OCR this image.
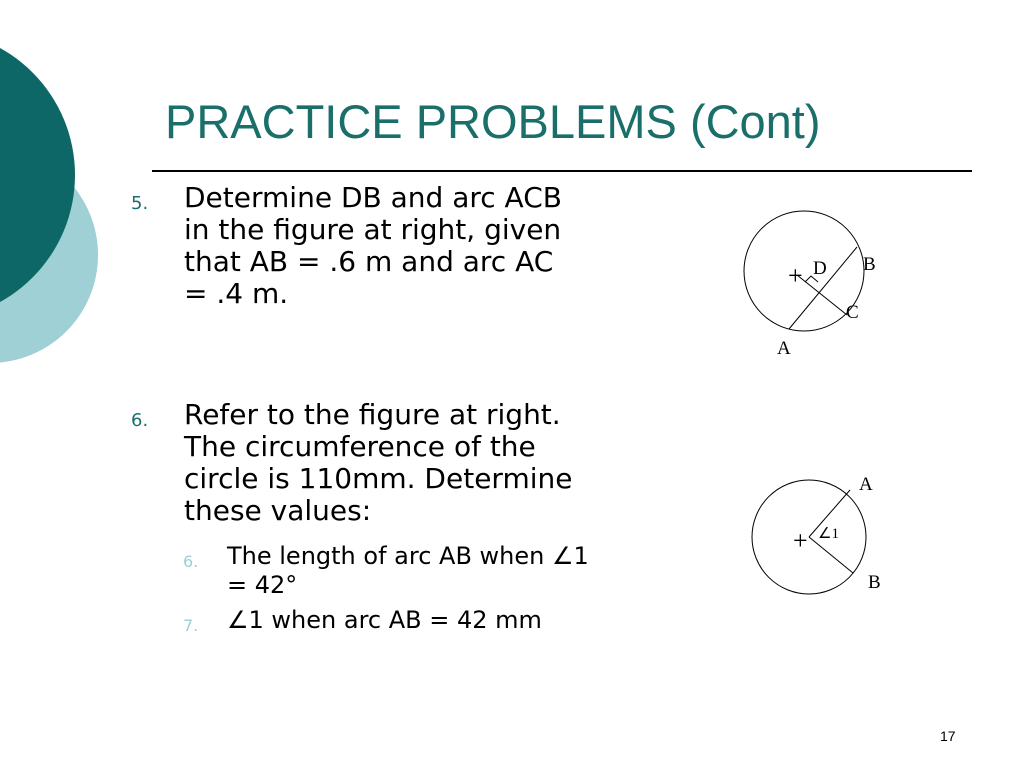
PRACTICE PROBLEMS (Cont)
5. Determine DB and arc ACB
in the figure at right, given
that AB = .6 m and arc AC
= .4 m.
6. Refer to the figure at right.
The circumference of the
circle is 110mm. Determine
these values:
6. The length of arc AB when ∠1
= 42°
7. ∠1 when arc AB = 42 mm
+ D B
C
A
+ ∠1
A
B
17
